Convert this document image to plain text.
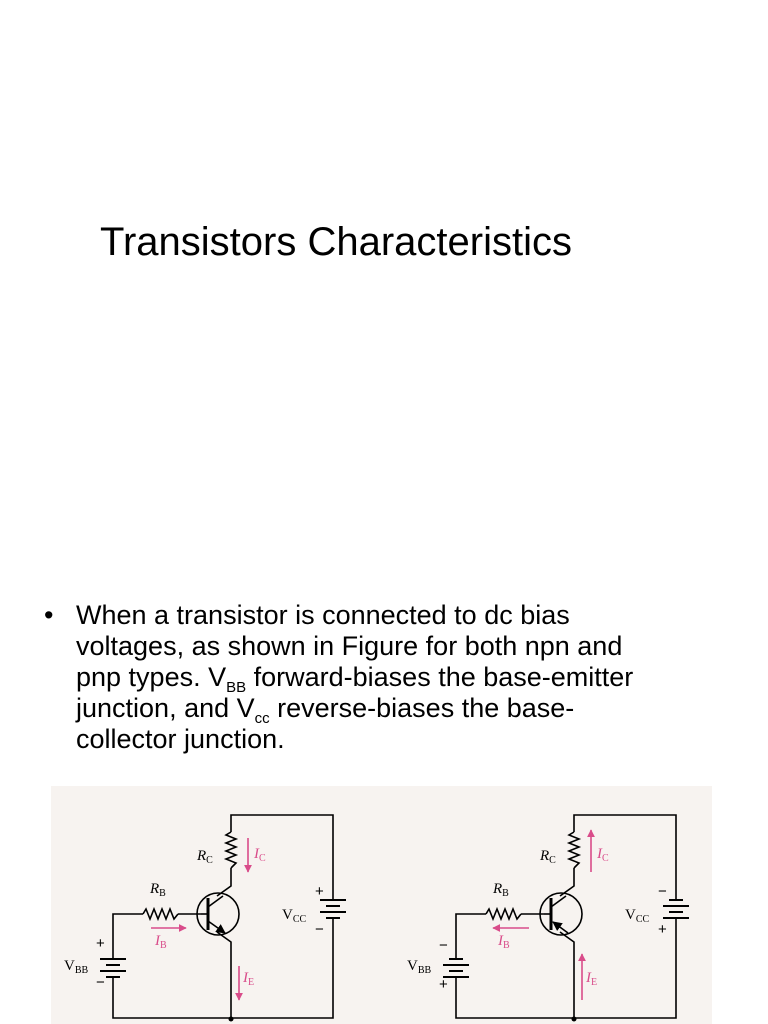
Transistors Characteristics
• When a transistor is connected to dc bias
voltages, as shown in Figure for both npn and
pnp types. $V_{BB}$ forward-biases the base-emitter
junction, and $V_{cc}$ reverse-biases the base-
collector junction.
$R_C$	$I_C$
$R_B$
$I_B$
$I_E$
$V_{CC}$
$V_{BB}$
+
−
+
−
$R_C$	$I_C$
$R_B$
$I_B$
$I_E$
$V_{CC}$
$V_{BB}$
−
+
−
+
